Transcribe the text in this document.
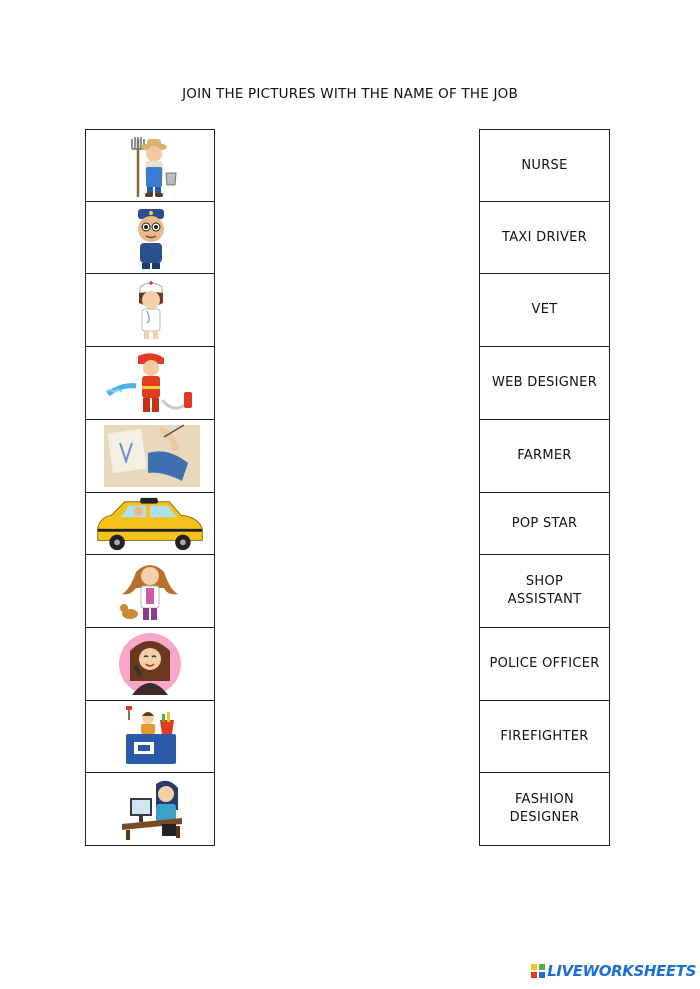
JOIN THE PICTURES WITH THE NAME OF THE JOB
NURSE
TAXI DRIVER
VET
WEB DESIGNER
FARMER
POP STAR
SHOP
ASSISTANT
POLICE OFFICER
FIREFIGHTER
FASHION
DESIGNER
LIVEWORKSHEETS
